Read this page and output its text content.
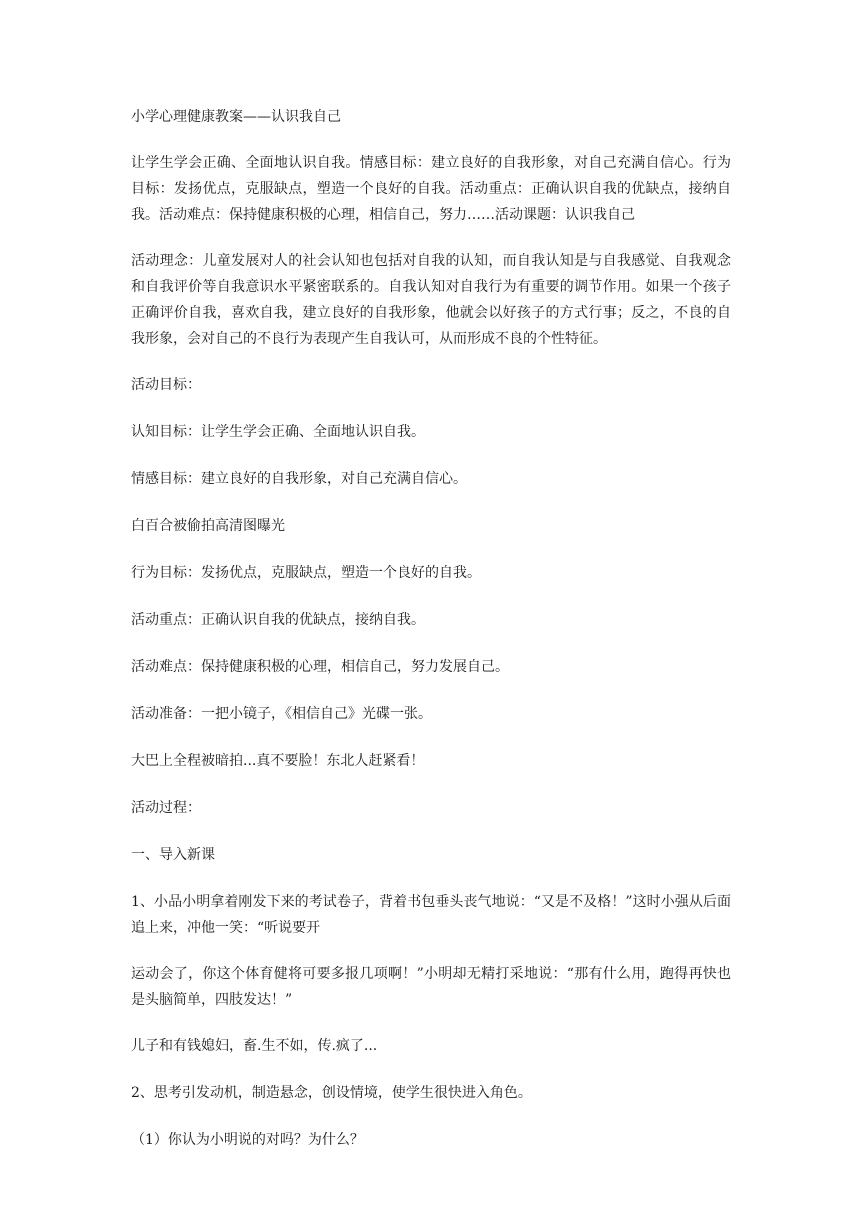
小学心理健康教案——认识我自己

让学生学会正确、全面地认识自我。情感目标：建立良好的自我形象，对自己充满自信心。行为目标：发扬优点，克服缺点，塑造一个良好的自我。活动重点：正确认识自我的优缺点，接纳自我。活动难点：保持健康积极的心理，相信自己，努力……活动课题：认识我自己

活动理念：儿童发展对人的社会认知也包括对自我的认知，而自我认知是与自我感觉、自我观念和自我评价等自我意识水平紧密联系的。自我认知对自我行为有重要的调节作用。如果一个孩子正确评价自我，喜欢自我，建立良好的自我形象，他就会以好孩子的方式行事；反之，不良的自我形象，会对自己的不良行为表现产生自我认可，从而形成不良的个性特征。

活动目标：

认知目标：让学生学会正确、全面地认识自我。

情感目标：建立良好的自我形象，对自己充满自信心。

白百合被偷拍高清图曝光

行为目标：发扬优点，克服缺点，塑造一个良好的自我。

活动重点：正确认识自我的优缺点，接纳自我。

活动难点：保持健康积极的心理，相信自己，努力发展自己。

活动准备：一把小镜子，《相信自己》光碟一张。

大巴上全程被暗拍...真不要脸！东北人赶紧看！

活动过程：

一、导入新课

1、小品小明拿着刚发下来的考试卷子，背着书包垂头丧气地说：“又是不及格！”这时小强从后面追上来，冲他一笑：“听说要开

运动会了，你这个体育健将可要多报几项啊！”小明却无精打采地说：“那有什么用，跑得再快也是头脑简单，四肢发达！”

儿子和有钱媳妇，畜.生不如，传.疯了...

2、思考引发动机，制造悬念，创设情境，使学生很快进入角色。

（1）你认为小明说的对吗？为什么？
